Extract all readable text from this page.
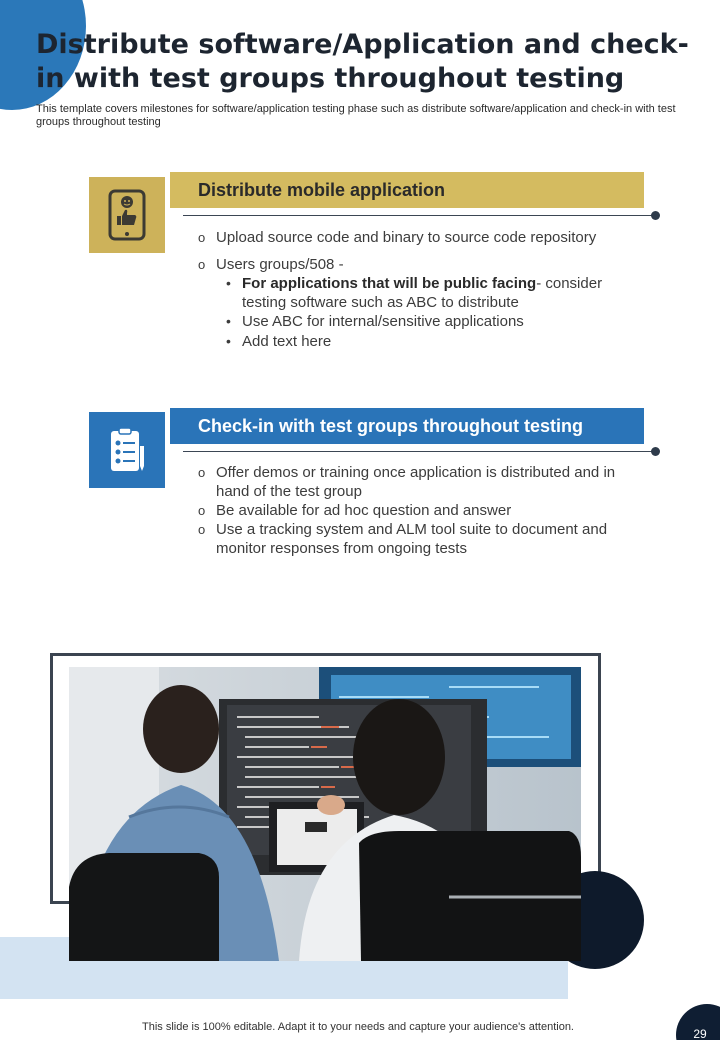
Distribute software/Application and check-in with test groups throughout testing

This template covers milestones for software/application testing phase such as distribute software/application and check-in with test groups throughout testing

Distribute mobile application
o Upload source code and binary to source code repository
o Users groups/508 -
• For applications that will be public facing- consider testing software such as ABC to distribute
• Use ABC for internal/sensitive applications
• Add text here
Check-in with test groups throughout testing
o Offer demos or training once application is distributed and in hand of the test group
o Be available for ad hoc question and answer
o Use a tracking system and ALM tool suite to document and monitor responses from ongoing tests
This slide is 100% editable. Adapt it to your needs and capture your audience's attention.	29
